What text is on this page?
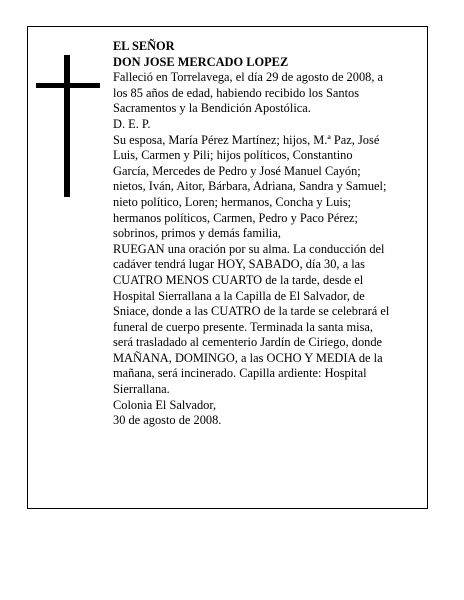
EL SEÑOR
DON JOSE MERCADO LOPEZ
Falleció en Torrelavega, el día 29 de agosto de 2008, a
los 85 años de edad, habiendo recibido los Santos
Sacramentos y la Bendición Apostólica.
D. E. P.
Su esposa, María Pérez Martínez; hijos, M.ª Paz, José
Luis, Carmen y Pili; hijos políticos, Constantino
García, Mercedes de Pedro y José Manuel Cayón;
nietos, Iván, Aitor, Bárbara, Adriana, Sandra y Samuel;
nieto político, Loren; hermanos, Concha y Luis;
hermanos políticos, Carmen, Pedro y Paco Pérez;
sobrinos, primos y demás familia,
RUEGAN una oración por su alma. La conducción del
cadáver tendrá lugar HOY, SABADO, día 30, a las
CUATRO MENOS CUARTO de la tarde, desde el
Hospital Sierrallana a la Capilla de El Salvador, de
Sniace, donde a las CUATRO de la tarde se celebrará el
funeral de cuerpo presente. Terminada la santa misa,
será trasladado al cementerio Jardín de Ciriego, donde
MAÑANA, DOMINGO, a las OCHO Y MEDIA de la
mañana, será incinerado. Capilla ardiente: Hospital
Sierrallana.
Colonia El Salvador,
30 de agosto de 2008.
